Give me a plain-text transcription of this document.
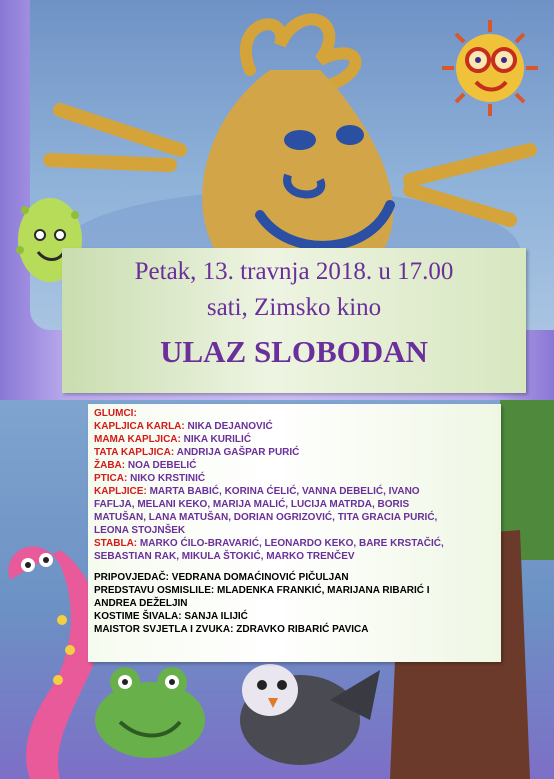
Petak, 13. travnja 2018. u 17.00
sati, Zimsko kino
ULAZ SLOBODAN
GLUMCI:
KAPLJICA KARLA: NIKA DEJANOVIĆ
MAMA KAPLJICA: NIKA KURILIĆ
TATA KAPLJICA: ANDRIJA GAŠPAR PURIĆ
ŽABA: NOA DEBELIĆ
PTICA: NIKO KRSTINIĆ
KAPLJICE: MARTA BABIĆ, KORINA ĆELIĆ, VANNA DEBELIĆ, IVANO
FAFLJA, MELANI KEKO, MARIJA MALIĆ, LUCIJA MATRDA, BORIS
MATUŠAN, LANA MATUŠAN, DORIAN OGRIZOVIĆ, TITA GRACIA PURIĆ,
LEONA STOJNŠEK
STABLA: MARKO ĆILO-BRAVARIĆ, LEONARDO KEKO, BARE KRSTAČIĆ,
SEBASTIAN RAK, MIKULA ŠTOKIĆ, MARKO TRENČEV
PRIPOVJEDAČ: VEDRANA DOMAĆINOVIĆ PIČULJAN
PREDSTAVU OSMISLILE: MLADENKA FRANKIĆ, MARIJANA RIBARIĆ I
ANDREA DEŽELJIN
KOSTIME ŠIVALA: SANJA ILIJIĆ
MAISTOR SVJETLA I ZVUKA: ZDRAVKO RIBARIĆ PAVICA
